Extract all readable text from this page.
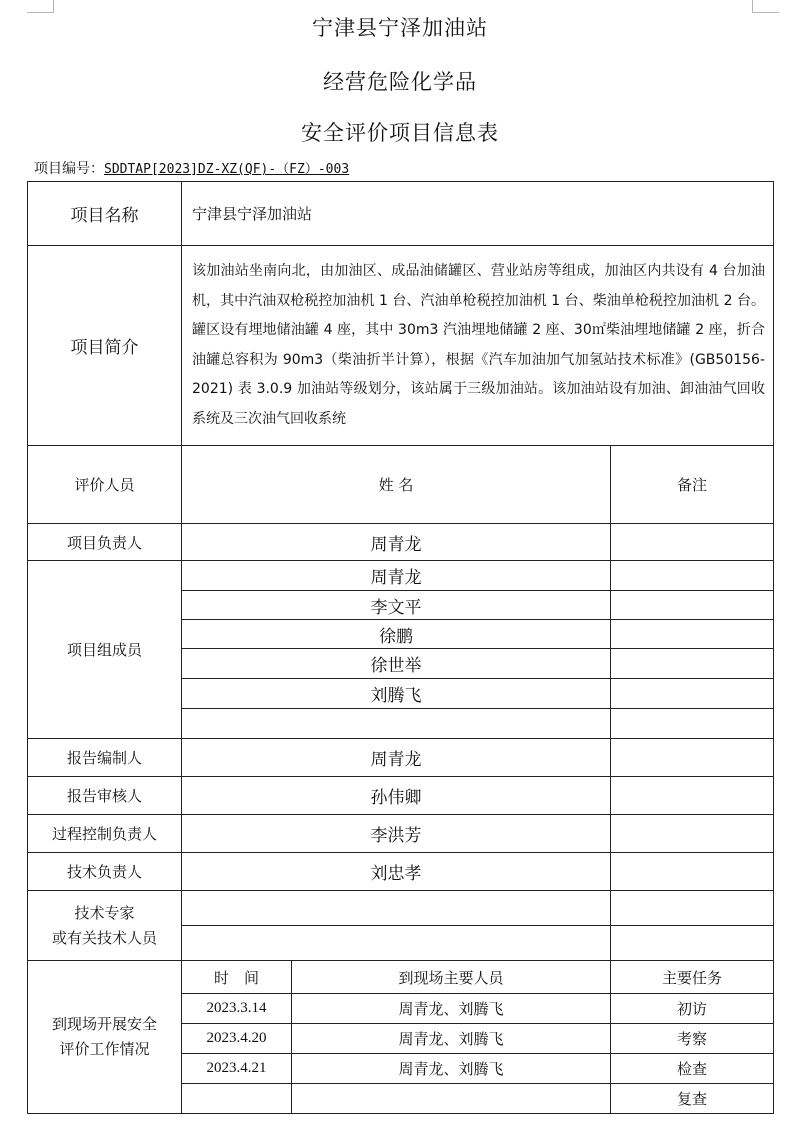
宁津县宁泽加油站
经营危险化学品
安全评价项目信息表
项目编号：SDDTAP[2023]DZ-XZ(QF)-（FZ）-003
项目名称	宁津县宁泽加油站		
项目简介	该加油站坐南向北，由加油区、成品油储罐区、营业站房等组成，加油区内共设有 4 台加油机，其中汽油双枪税控加油机 1 台、汽油单枪税控加油机 1 台、柴油单枪税控加油机 2 台。罐区设有埋地储油罐 4 座，其中 30m3 汽油埋地储罐 2 座、30㎡柴油埋地储罐 2 座，折合油罐总容积为 90m3（柴油折半计算），根据《汽车加油加气加氢站技术标准》(GB50156-2021) 表 3.0.9 加油站等级划分，该站属于三级加油站。该加油站设有加油、卸油油气回收系统及三次油气回收系统		
评价人员	姓 名		备注
项目负责人	周青龙		
项目组成员	周青龙		
	李文平		
	徐鹏		
	徐世举		
	刘腾飞		

报告编制人	周青龙		
报告审核人	孙伟卿		
过程控制负责人	李洪芳		
技术负责人	刘忠孝		
技术专家
或有关技术人员			

到现场开展安全
评价工作情况	时　间	到现场主要人员	主要任务
	2023.3.14	周青龙、刘腾飞	初访
	2023.4.20	周青龙、刘腾飞	考察
	2023.4.21	周青龙、刘腾飞	检查
			复查
